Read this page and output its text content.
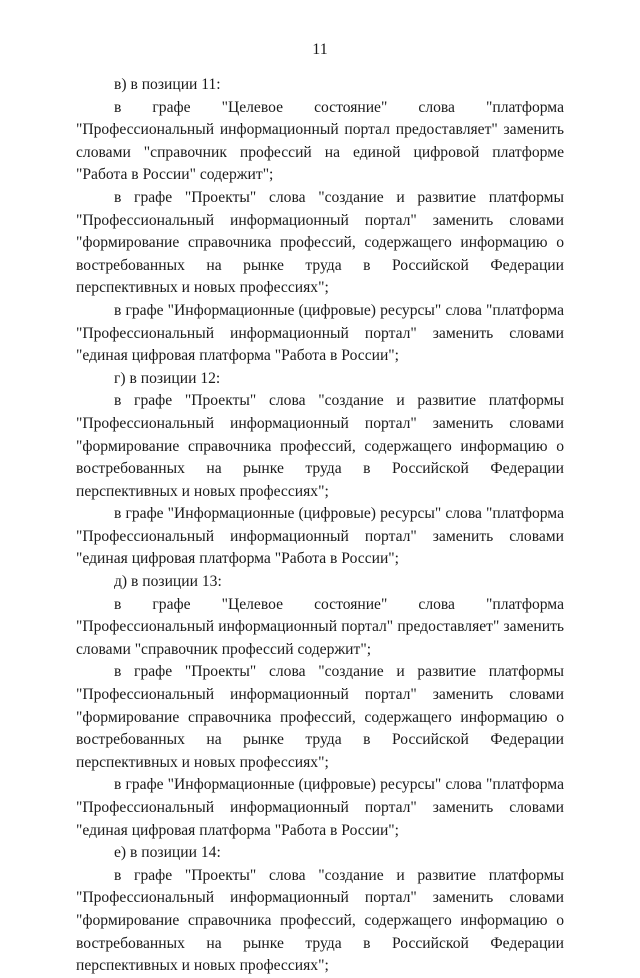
11

в) в позиции 11:

в графе "Целевое состояние" слова "платформа "Профессиональный информационный портал предоставляет" заменить словами "справочник профессий на единой цифровой платформе "Работа в России" содержит";

в графе "Проекты" слова "создание и развитие платформы "Профессиональный информационный портал" заменить словами "формирование справочника профессий, содержащего информацию о востребованных на рынке труда в Российской Федерации перспективных и новых профессиях";

в графе "Информационные (цифровые) ресурсы" слова "платформа "Профессиональный информационный портал" заменить словами "единая цифровая платформа "Работа в России";

г) в позиции 12:

в графе "Проекты" слова "создание и развитие платформы "Профессиональный информационный портал" заменить словами "формирование справочника профессий, содержащего информацию о востребованных на рынке труда в Российской Федерации перспективных и новых профессиях";

в графе "Информационные (цифровые) ресурсы" слова "платформа "Профессиональный информационный портал" заменить словами "единая цифровая платформа "Работа в России";

д) в позиции 13:

в графе "Целевое состояние" слова "платформа "Профессиональный информационный портал" предоставляет" заменить словами "справочник профессий содержит";

в графе "Проекты" слова "создание и развитие платформы "Профессиональный информационный портал" заменить словами "формирование справочника профессий, содержащего информацию о востребованных на рынке труда в Российской Федерации перспективных и новых профессиях";

в графе "Информационные (цифровые) ресурсы" слова "платформа "Профессиональный информационный портал" заменить словами "единая цифровая платформа "Работа в России";

е) в позиции 14:

в графе "Проекты" слова "создание и развитие платформы "Профессиональный информационный портал" заменить словами "формирование справочника профессий, содержащего информацию о востребованных на рынке труда в Российской Федерации перспективных и новых профессиях";
